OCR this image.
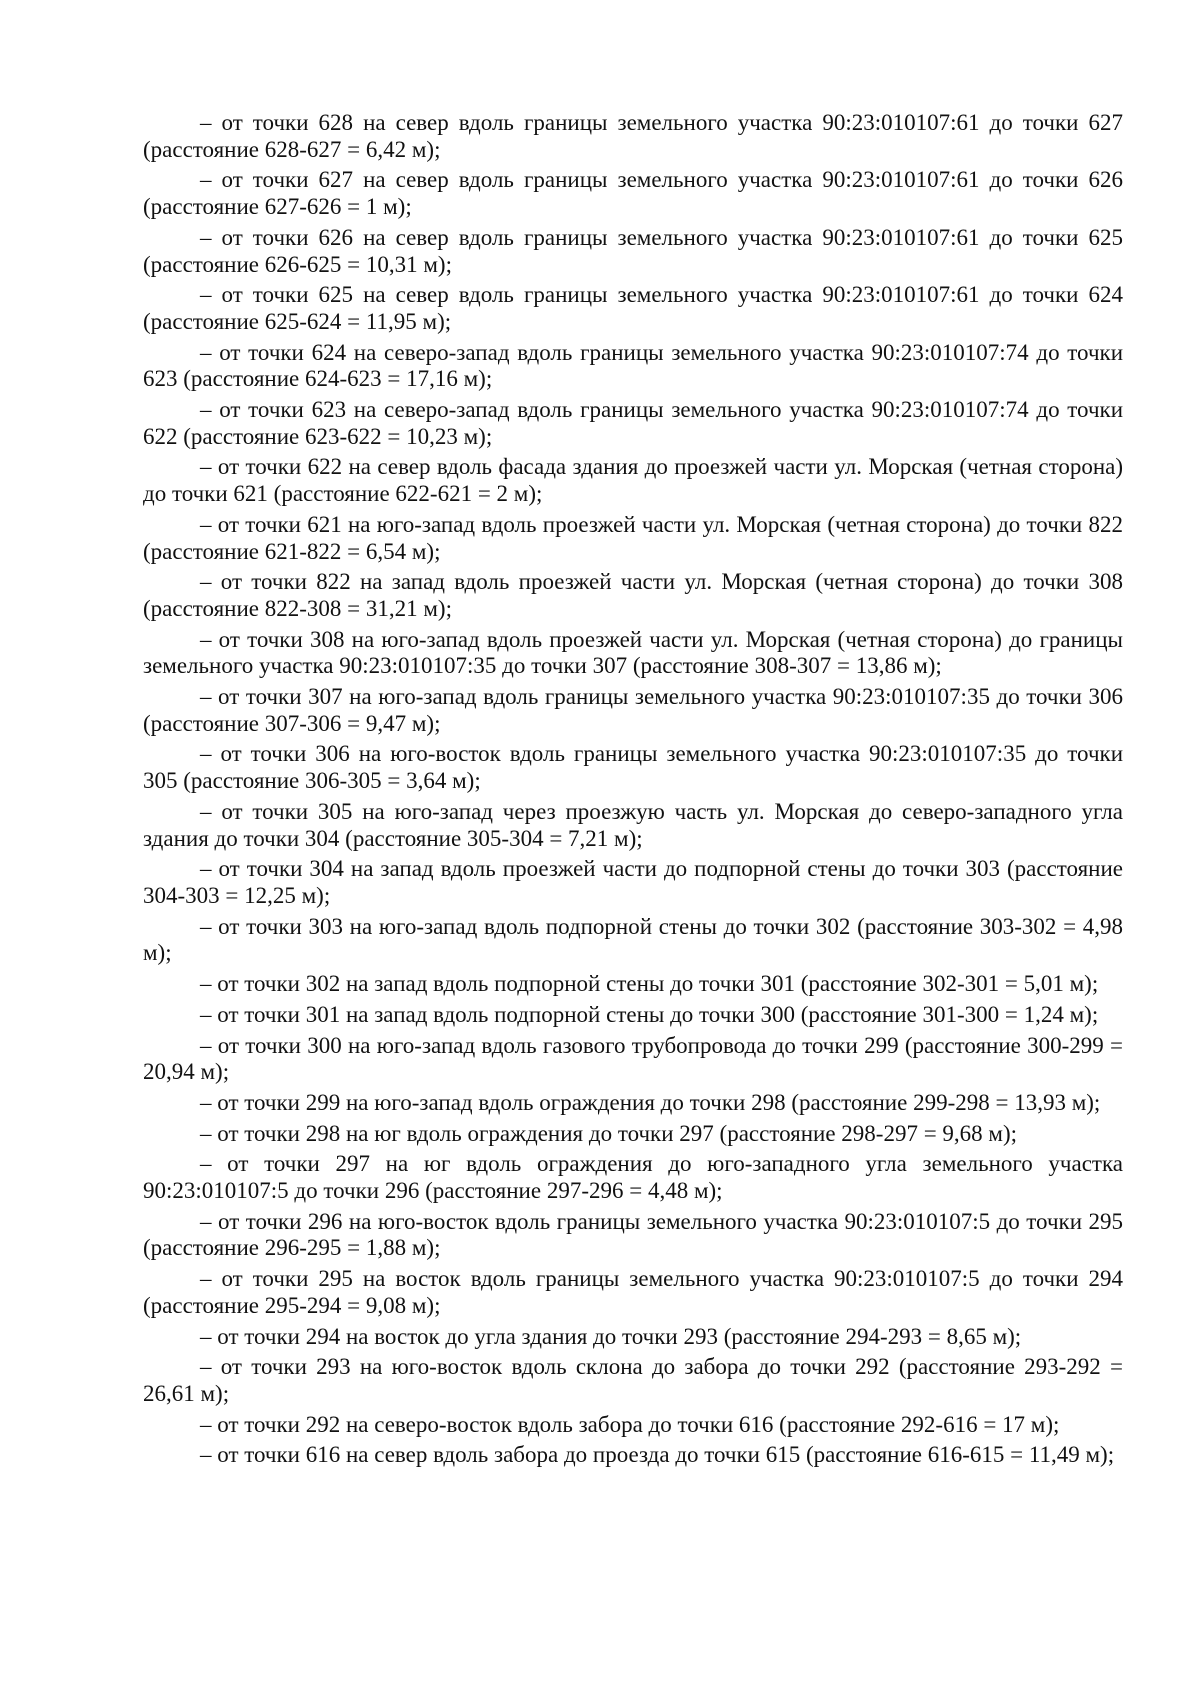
– от точки 628 на север вдоль границы земельного участка 90:23:010107:61 до точки 627 (расстояние 628-627 = 6,42 м);

– от точки 627 на север вдоль границы земельного участка 90:23:010107:61 до точки 626 (расстояние 627-626 = 1 м);

– от точки 626 на север вдоль границы земельного участка 90:23:010107:61 до точки 625 (расстояние 626-625 = 10,31 м);

– от точки 625 на север вдоль границы земельного участка 90:23:010107:61 до точки 624 (расстояние 625-624 = 11,95 м);

– от точки 624 на северо-запад вдоль границы земельного участка 90:23:010107:74 до точки 623 (расстояние 624-623 = 17,16 м);

– от точки 623 на северо-запад вдоль границы земельного участка 90:23:010107:74 до точки 622 (расстояние 623-622 = 10,23 м);

– от точки 622 на север вдоль фасада здания до проезжей части ул. Морская (четная сторона) до точки 621 (расстояние 622-621 = 2 м);

– от точки 621 на юго-запад вдоль проезжей части ул. Морская (четная сторона) до точки 822 (расстояние 621-822 = 6,54 м);

– от точки 822 на запад вдоль проезжей части ул. Морская (четная сторона) до точки 308 (расстояние 822-308 = 31,21 м);

– от точки 308 на юго-запад вдоль проезжей части ул. Морская (четная сторона) до границы земельного участка 90:23:010107:35 до точки 307 (расстояние 308-307 = 13,86 м);

– от точки 307 на юго-запад вдоль границы земельного участка 90:23:010107:35 до точки 306 (расстояние 307-306 = 9,47 м);

– от точки 306 на юго-восток вдоль границы земельного участка 90:23:010107:35 до точки 305 (расстояние 306-305 = 3,64 м);

– от точки 305 на юго-запад через проезжую часть ул. Морская до северо-западного угла здания до точки 304 (расстояние 305-304 = 7,21 м);

– от точки 304 на запад вдоль проезжей части до подпорной стены до точки 303 (расстояние 304-303 = 12,25 м);

– от точки 303 на юго-запад вдоль подпорной стены до точки 302 (расстояние 303-302 = 4,98 м);

– от точки 302 на запад вдоль подпорной стены до точки 301 (расстояние 302-301 = 5,01 м);

– от точки 301 на запад вдоль подпорной стены до точки 300 (расстояние 301-300 = 1,24 м);

– от точки 300 на юго-запад вдоль газового трубопровода до точки 299 (расстояние 300-299 = 20,94 м);

– от точки 299 на юго-запад вдоль ограждения до точки 298 (расстояние 299-298 = 13,93 м);

– от точки 298 на юг вдоль ограждения до точки 297 (расстояние 298-297 = 9,68 м);

– от точки 297 на юг вдоль ограждения до юго-западного угла земельного участка 90:23:010107:5 до точки 296 (расстояние 297-296 = 4,48 м);

– от точки 296 на юго-восток вдоль границы земельного участка 90:23:010107:5 до точки 295 (расстояние 296-295 = 1,88 м);

– от точки 295 на восток вдоль границы земельного участка 90:23:010107:5 до точки 294 (расстояние 295-294 = 9,08 м);

– от точки 294 на восток до угла здания до точки 293 (расстояние 294-293 = 8,65 м);

– от точки 293 на юго-восток вдоль склона до забора до точки 292 (расстояние 293-292 = 26,61 м);

– от точки 292 на северо-восток вдоль забора до точки 616 (расстояние 292-616 = 17 м);

– от точки 616 на север вдоль забора до проезда до точки 615 (расстояние 616-615 = 11,49 м);
